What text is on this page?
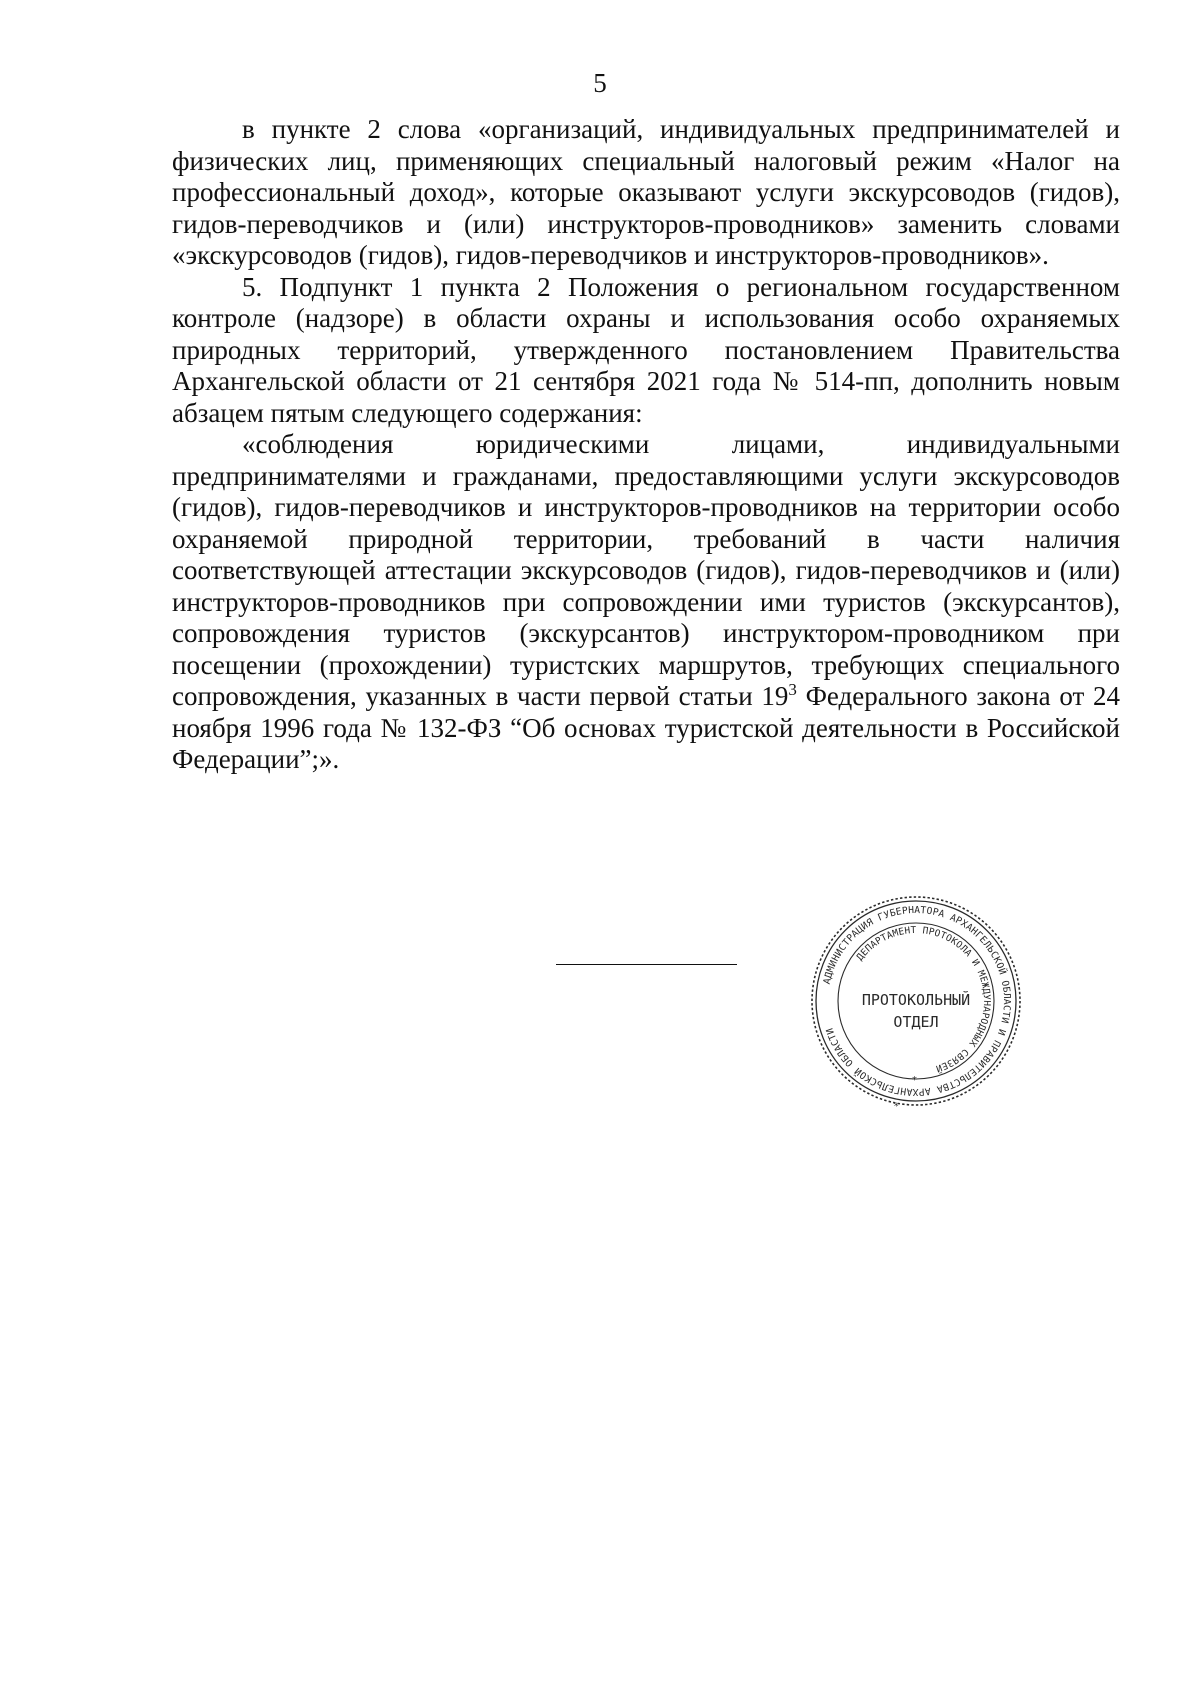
5

в пункте 2 слова «организаций, индивидуальных предпринимателей и физических лиц, применяющих специальный налоговый режим «Налог на профессиональный доход», которые оказывают услуги экскурсоводов (гидов), гидов-переводчиков и (или) инструкторов-проводников» заменить словами «экскурсоводов (гидов), гидов-переводчиков и инструкторов-проводников».

5. Подпункт 1 пункта 2 Положения о региональном государственном контроле (надзоре) в области охраны и использования особо охраняемых природных территорий, утвержденного постановлением Правительства Архангельской области от 21 сентября 2021 года № 514-пп, дополнить новым абзацем пятым следующего содержания:

«соблюдения юридическими лицами, индивидуальными предпринимателями и гражданами, предоставляющими услуги экскурсоводов (гидов), гидов-переводчиков и инструкторов-проводников на территории особо охраняемой природной территории, требований в части наличия соответствующей аттестации экскурсоводов (гидов), гидов-переводчиков и (или) инструкторов-проводников при сопровождении ими туристов (экскурсантов), сопровождения туристов (экскурсантов) инструктором-проводником при посещении (прохождении) туристских маршрутов, требующих специального сопровождения, указанных в части первой статьи $19^3$ Федерального закона от 24 ноября 1996 года № 132-ФЗ “Об основах туристской деятельности в Российской Федерации”;».

АДМИНИСТРАЦИЯ ГУБЕРНАТОРА АРХАНГЕЛЬСКОЙ ОБЛАСТИ И ПРАВИТЕЛЬСТВА АРХАНГЕЛЬСКОЙ ОБЛАСТИ
ДЕПАРТАМЕНТ ПРОТОКОЛА И МЕЖДУНАРОДНЫХ СВЯЗЕЙ
*
*
ПРОТОКОЛЬНЫЙ
ОТДЕЛ
